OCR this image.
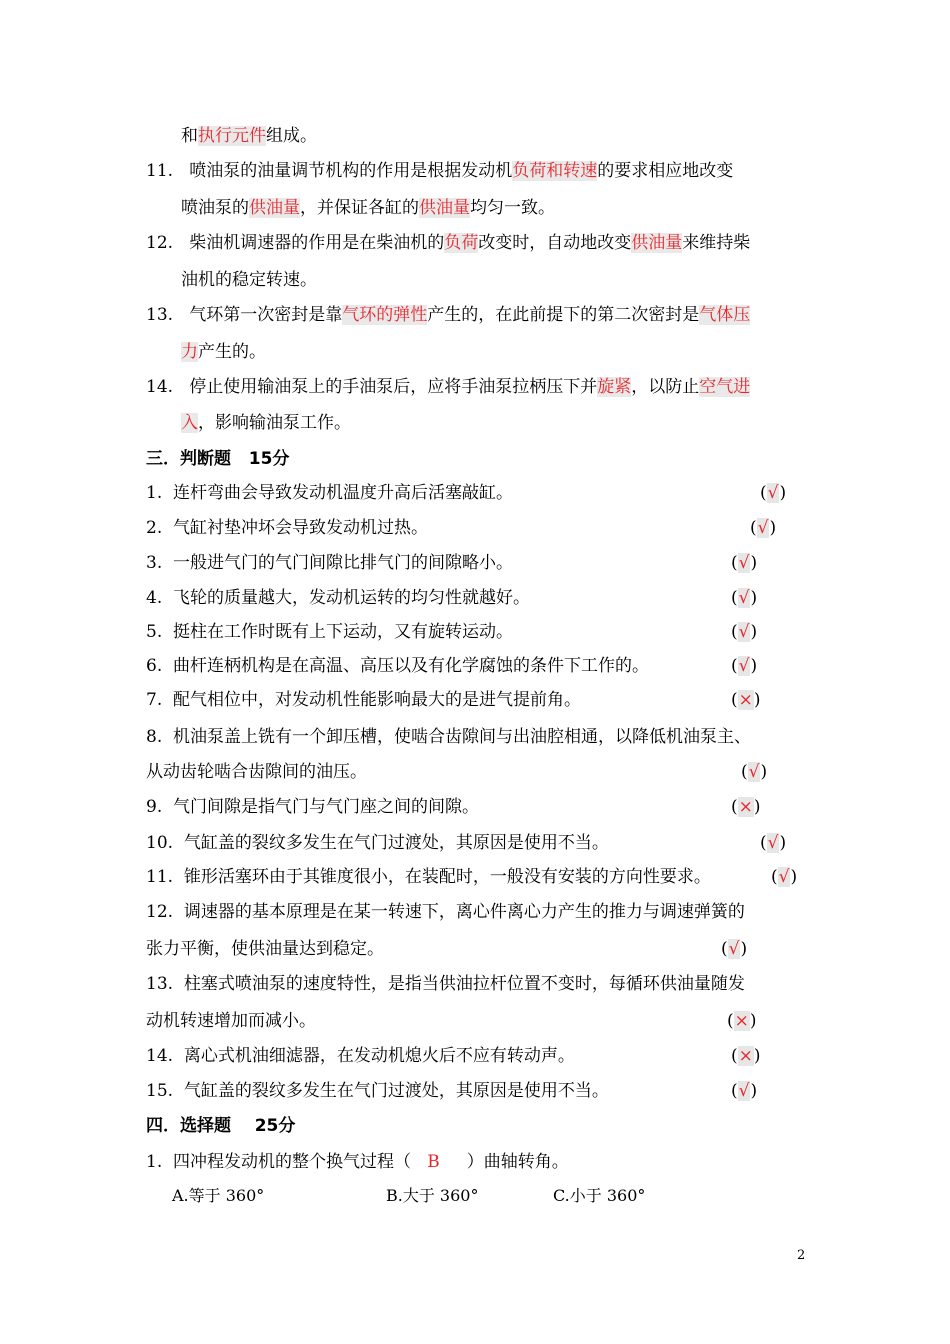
和执行元件组成。
11. 喷油泵的油量调节机构的作用是根据发动机负荷和转速的要求相应地改变
喷油泵的供油量，并保证各缸的供油量均匀一致。
12. 柴油机调速器的作用是在柴油机的负荷改变时，自动地改变供油量来维持柴
油机的稳定转速。
13. 气环第一次密封是靠气环的弹性产生的，在此前提下的第二次密封是气体压
力产生的。
14. 停止使用输油泵上的手油泵后，应将手油泵拉柄压下并旋紧，以防止空气进
入，影响输油泵工作。
三．判断题 15分
1. 连杆弯曲会导致发动机温度升高后活塞敲缸。	(√)
2. 气缸衬垫冲坏会导致发动机过热。	(√)
3. 一般进气门的气门间隙比排气门的间隙略小。	(√)
4. 飞轮的质量越大，发动机运转的均匀性就越好。	(√)
5. 挺柱在工作时既有上下运动，又有旋转运动。	(√)
6. 曲杆连柄机构是在高温、高压以及有化学腐蚀的条件下工作的。	(√)
7. 配气相位中，对发动机性能影响最大的是进气提前角。	(×)
8. 机油泵盖上铣有一个卸压槽，使啮合齿隙间与出油腔相通，以降低机油泵主、
从动齿轮啮合齿隙间的油压。	(√)
9. 气门间隙是指气门与气门座之间的间隙。	(×)
10. 气缸盖的裂纹多发生在气门过渡处，其原因是使用不当。	(√)
11. 锥形活塞环由于其锥度很小，在装配时，一般没有安装的方向性要求。	(√)
12. 调速器的基本原理是在某一转速下，离心件离心力产生的推力与调速弹簧的
张力平衡，使供油量达到稳定。	(√)
13. 柱塞式喷油泵的速度特性，是指当供油拉杆位置不变时，每循环供油量随发
动机转速增加而减小。	(×)
14. 离心式机油细滤器，在发动机熄火后不应有转动声。	(×)
15. 气缸盖的裂纹多发生在气门过渡处，其原因是使用不当。	(√)
四．选择题 25分
1. 四冲程发动机的整个换气过程（ B ）曲轴转角。
A.等于 360°	B.大于 360°	C.小于 360°
2
